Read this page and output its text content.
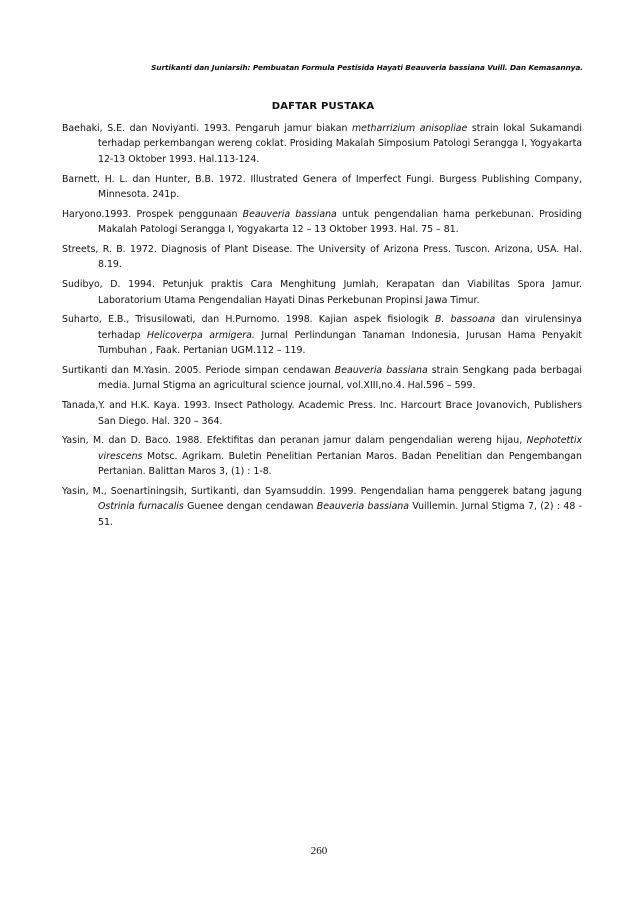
Surtikanti dan Juniarsih: Pembuatan Formula Pestisida Hayati Beauveria bassiana Vuill. Dan Kemasannya.
DAFTAR PUSTAKA

Baehaki, S.E. dan Noviyanti. 1993. Pengaruh jamur biakan metharrizium anisopliae strain lokal Sukamandi terhadap perkembangan wereng coklat. Prosiding Makalah Simposium Patologi Serangga I, Yogyakarta 12-13 Oktober 1993. Hal.113-124.

Barnett, H. L. dan Hunter, B.B. 1972. Illustrated Genera of Imperfect Fungi. Burgess Publishing Company, Minnesota. 241p.

Haryono.1993. Prospek penggunaan Beauveria bassiana untuk pengendalian hama perkebunan. Prosiding Makalah Patologi Serangga I, Yogyakarta 12 – 13 Oktober 1993. Hal. 75 – 81.

Streets, R. B. 1972. Diagnosis of Plant Disease. The University of Arizona Press. Tuscon. Arizona, USA. Hal. 8.19.

Sudibyo, D. 1994. Petunjuk praktis Cara Menghitung Jumlah, Kerapatan dan Viabilitas Spora Jamur. Laboratorium Utama Pengendalian Hayati Dinas Perkebunan Propinsi Jawa Timur.

Suharto, E.B., Trisusilowati, dan H.Purnomo. 1998. Kajian aspek fisiologik B. bassoana dan virulensinya terhadap Helicoverpa armigera. Jurnal Perlindungan Tanaman Indonesia, Jurusan Hama Penyakit Tumbuhan , Faak. Pertanian UGM.112 – 119.

Surtikanti dan M.Yasin. 2005. Periode simpan cendawan Beauveria bassiana strain Sengkang pada berbagai media. Jurnal Stigma an agricultural science journal, vol.XIII,no.4. Hal.596 – 599.

Tanada,Y. and H.K. Kaya. 1993. Insect Pathology. Academic Press. Inc. Harcourt Brace Jovanovich, Publishers San Diego. Hal. 320 – 364.

Yasin, M. dan D. Baco. 1988. Efektifitas dan peranan jamur dalam pengendalian wereng hijau, Nephotettix virescens Motsc. Agrikam. Buletin Penelitian Pertanian Maros. Badan Penelitian dan Pengembangan Pertanian. Balittan Maros 3, (1) : 1-8.

Yasin, M., Soenartiningsih, Surtikanti, dan Syamsuddin. 1999. Pengendalian hama penggerek batang jagung Ostrinia furnacalis Guenee dengan cendawan Beauveria bassiana Vuillemin. Jurnal Stigma 7, (2) : 48 - 51.

260
